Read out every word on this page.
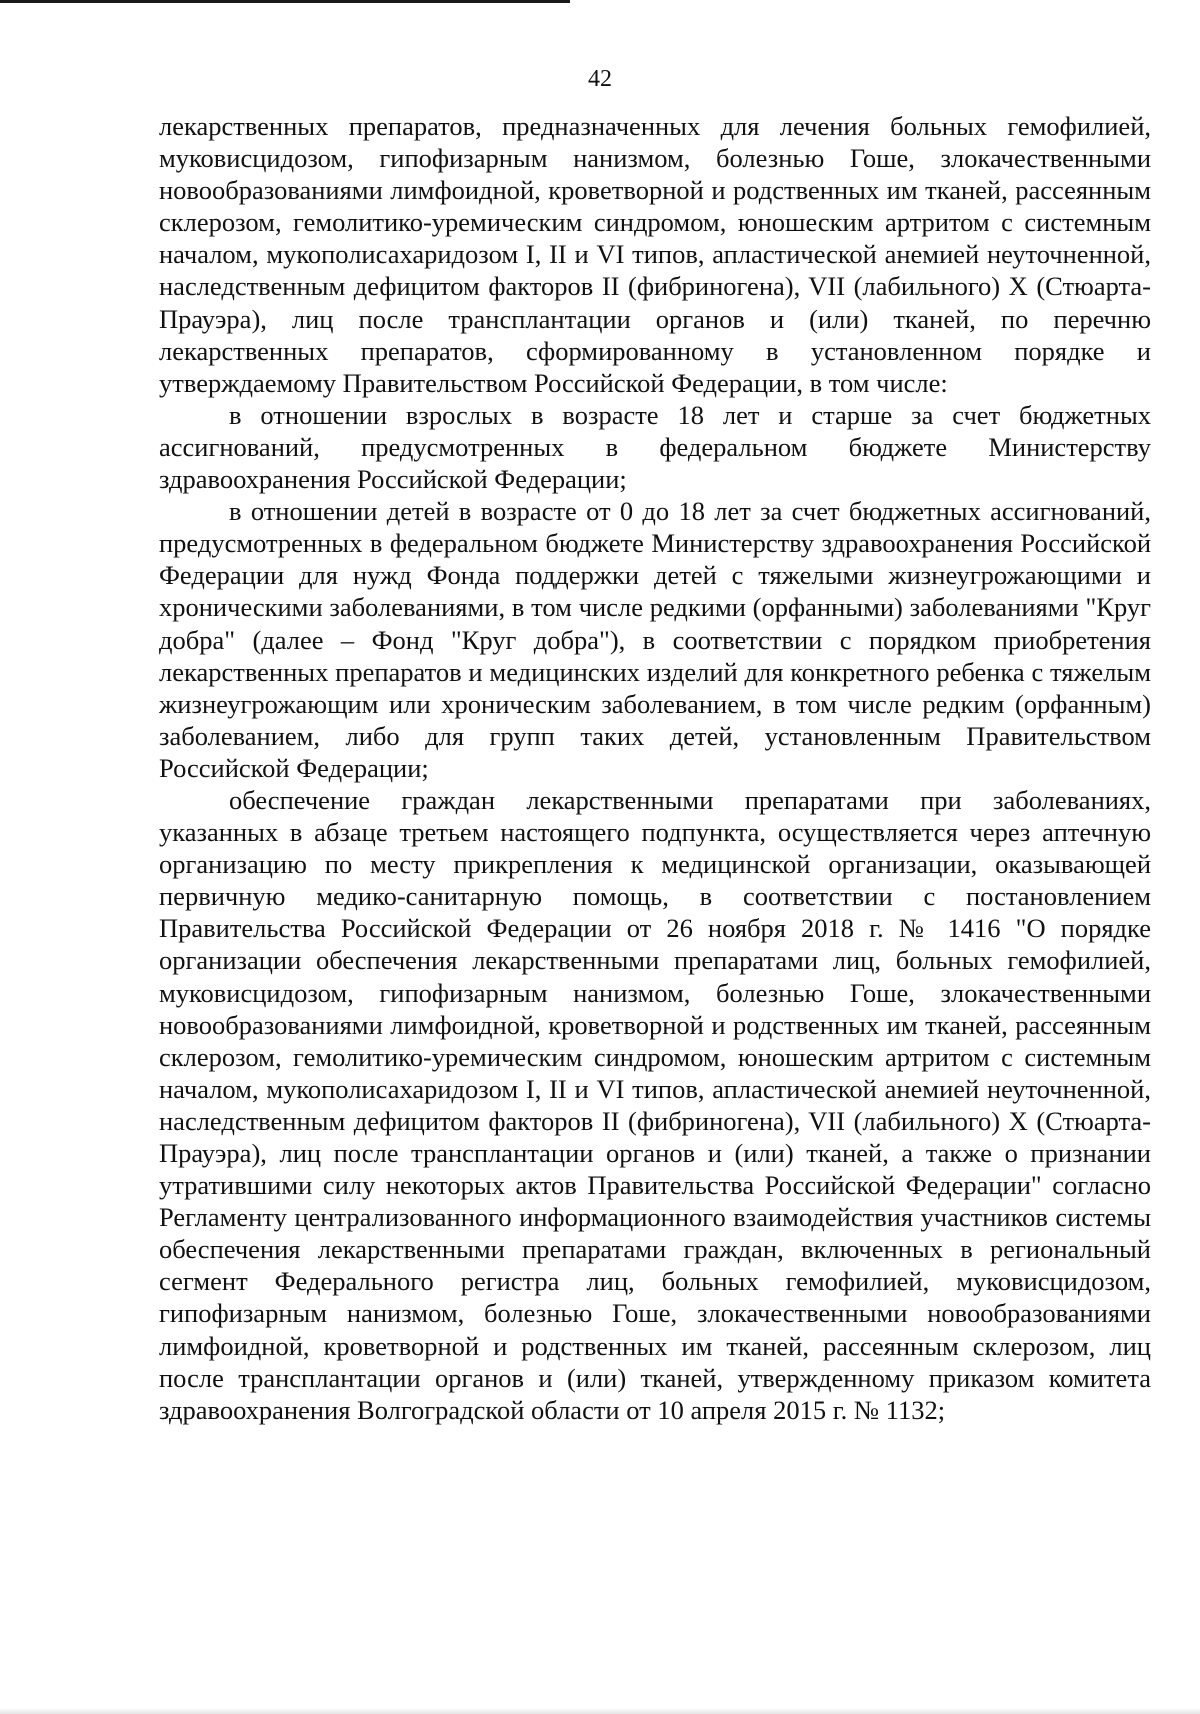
42

лекарственных препаратов, предназначенных для лечения больных гемофилией, муковисцидозом, гипофизарным нанизмом, болезнью Гоше, злокачественными новообразованиями лимфоидной, кроветворной и родственных им тканей, рассеянным склерозом, гемолитико-уремическим синдромом, юношеским артритом с системным началом, мукополисахаридозом I, II и VI типов, апластической анемией неуточненной, наследственным дефицитом факторов II (фибриногена), VII (лабильного) X (Стюарта-Прауэра), лиц после трансплантации органов и (или) тканей, по перечню лекарственных препаратов, сформированному в установленном порядке и утверждаемому Правительством Российской Федерации, в том числе:

в отношении взрослых в возрасте 18 лет и старше за счет бюджетных ассигнований, предусмотренных в федеральном бюджете Министерству здравоохранения Российской Федерации;

в отношении детей в возрасте от 0 до 18 лет за счет бюджетных ассигнований, предусмотренных в федеральном бюджете Министерству здравоохранения Российской Федерации для нужд Фонда поддержки детей с тяжелыми жизнеугрожающими и хроническими заболеваниями, в том числе редкими (орфанными) заболеваниями "Круг добра" (далее – Фонд "Круг добра"), в соответствии с порядком приобретения лекарственных препаратов и медицинских изделий для конкретного ребенка с тяжелым жизнеугрожающим или хроническим заболеванием, в том числе редким (орфанным) заболеванием, либо для групп таких детей, установленным Правительством Российской Федерации;

обеспечение граждан лекарственными препаратами при заболеваниях, указанных в абзаце третьем настоящего подпункта, осуществляется через аптечную организацию по месту прикрепления к медицинской организации, оказывающей первичную медико-санитарную помощь, в соответствии с постановлением Правительства Российской Федерации от 26 ноября 2018 г. № 1416 "О порядке организации обеспечения лекарственными препаратами лиц, больных гемофилией, муковисцидозом, гипофизарным нанизмом, болезнью Гоше, злокачественными новообразованиями лимфоидной, кроветворной и родственных им тканей, рассеянным склерозом, гемолитико-уремическим синдромом, юношеским артритом с системным началом, мукополисахаридозом I, II и VI типов, апластической анемией неуточненной, наследственным дефицитом факторов II (фибриногена), VII (лабильного) X (Стюарта-Прауэра), лиц после трансплантации органов и (или) тканей, а также о признании утратившими силу некоторых актов Правительства Российской Федерации" согласно Регламенту централизованного информационного взаимодействия участников системы обеспечения лекарственными препаратами граждан, включенных в региональный сегмент Федерального регистра лиц, больных гемофилией, муковисцидозом, гипофизарным нанизмом, болезнью Гоше, злокачественными новообразованиями лимфоидной, кроветворной и родственных им тканей, рассеянным склерозом, лиц после трансплантации органов и (или) тканей, утвержденному приказом комитета здравоохранения Волгоградской области от 10 апреля 2015 г. № 1132;
